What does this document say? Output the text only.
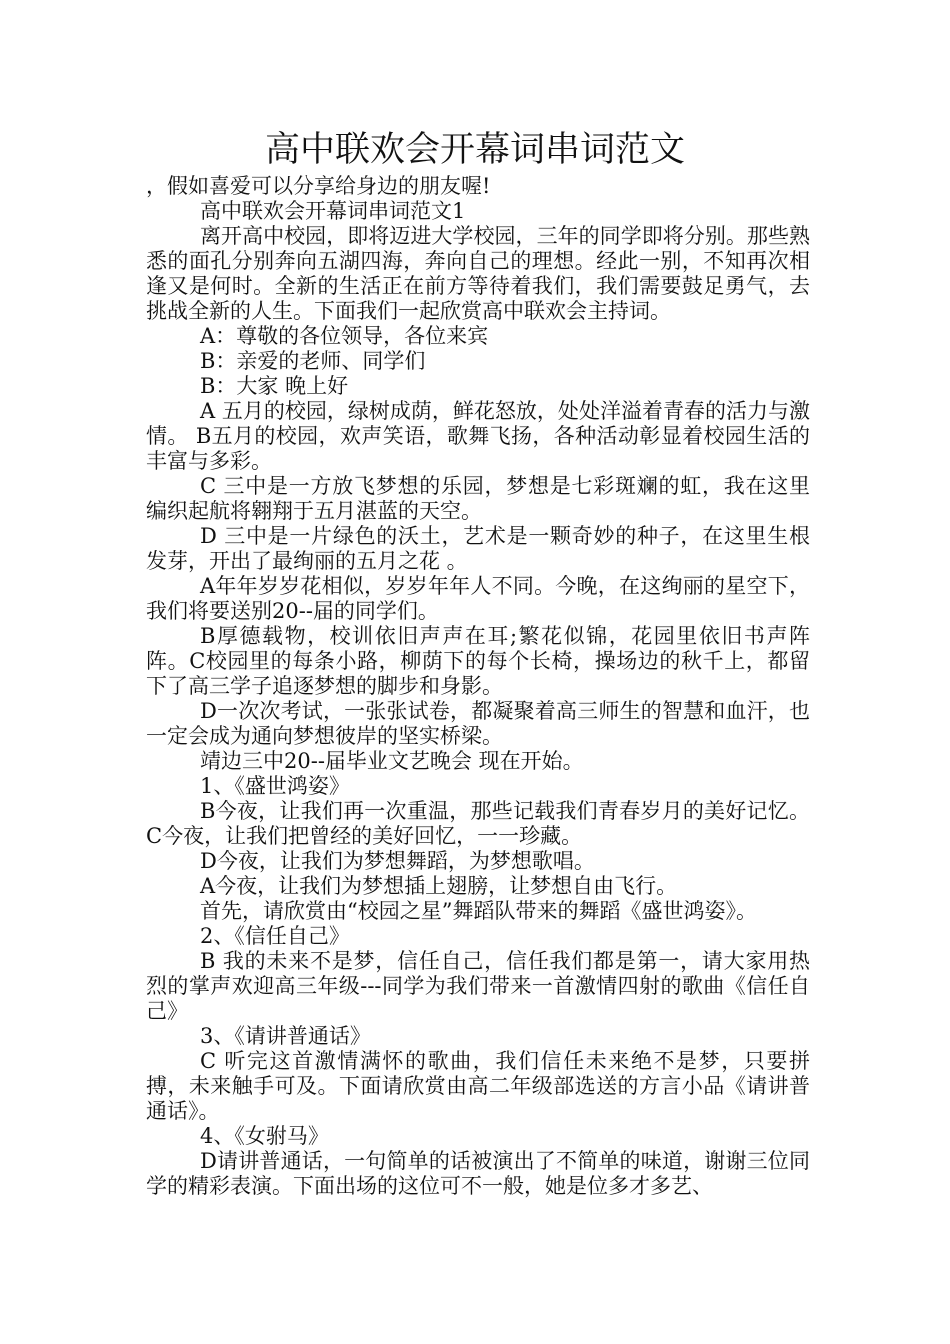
高中联欢会开幕词串词范文

，假如喜爱可以分享给身边的朋友喔!

高中联欢会开幕词串词范文1

离开高中校园，即将迈进大学校园，三年的同学即将分别。那些熟悉的面孔分别奔向五湖四海，奔向自己的理想。经此一别，不知再次相逢又是何时。全新的生活正在前方等待着我们，我们需要鼓足勇气，去挑战全新的人生。下面我们一起欣赏高中联欢会主持词。

A：尊敬的各位领导，各位来宾

B：亲爱的老师、同学们

B：大家 晚上好

A 五月的校园，绿树成荫，鲜花怒放，处处洋溢着青春的活力与激情。 B五月的校园，欢声笑语，歌舞飞扬，各种活动彰显着校园生活的丰富与多彩。

C 三中是一方放飞梦想的乐园，梦想是七彩斑斓的虹，我在这里编织起航将翱翔于五月湛蓝的天空。

D 三中是一片绿色的沃土，艺术是一颗奇妙的种子，在这里生根发芽，开出了最绚丽的五月之花 。

A年年岁岁花相似，岁岁年年人不同。今晚，在这绚丽的星空下，我们将要送别20--届的同学们。

B厚德载物，校训依旧声声在耳;繁花似锦，花园里依旧书声阵阵。C校园里的每条小路，柳荫下的每个长椅，操场边的秋千上，都留下了高三学子追逐梦想的脚步和身影。

D一次次考试，一张张试卷，都凝聚着高三师生的智慧和血汗，也一定会成为通向梦想彼岸的坚实桥梁。

靖边三中20--届毕业文艺晚会 现在开始。

1、《盛世鸿姿》

B今夜，让我们再一次重温，那些记载我们青春岁月的美好记忆。 C今夜，让我们把曾经的美好回忆，一一珍藏。

D今夜，让我们为梦想舞蹈，为梦想歌唱。

A今夜，让我们为梦想插上翅膀，让梦想自由飞行。

首先，请欣赏由“校园之星”舞蹈队带来的舞蹈《盛世鸿姿》。

2、《信任自己》

B 我的未来不是梦，信任自己，信任我们都是第一，请大家用热烈的掌声欢迎高三年级---同学为我们带来一首激情四射的歌曲《信任自己》

3、《请讲普通话》

C 听完这首激情满怀的歌曲，我们信任未来绝不是梦，只要拼搏，未来触手可及。下面请欣赏由高二年级部选送的方言小品《请讲普通话》。

4、《女驸马》

D请讲普通话，一句简单的话被演出了不简单的味道，谢谢三位同学的精彩表演。下面出场的这位可不一般，她是位多才多艺、
